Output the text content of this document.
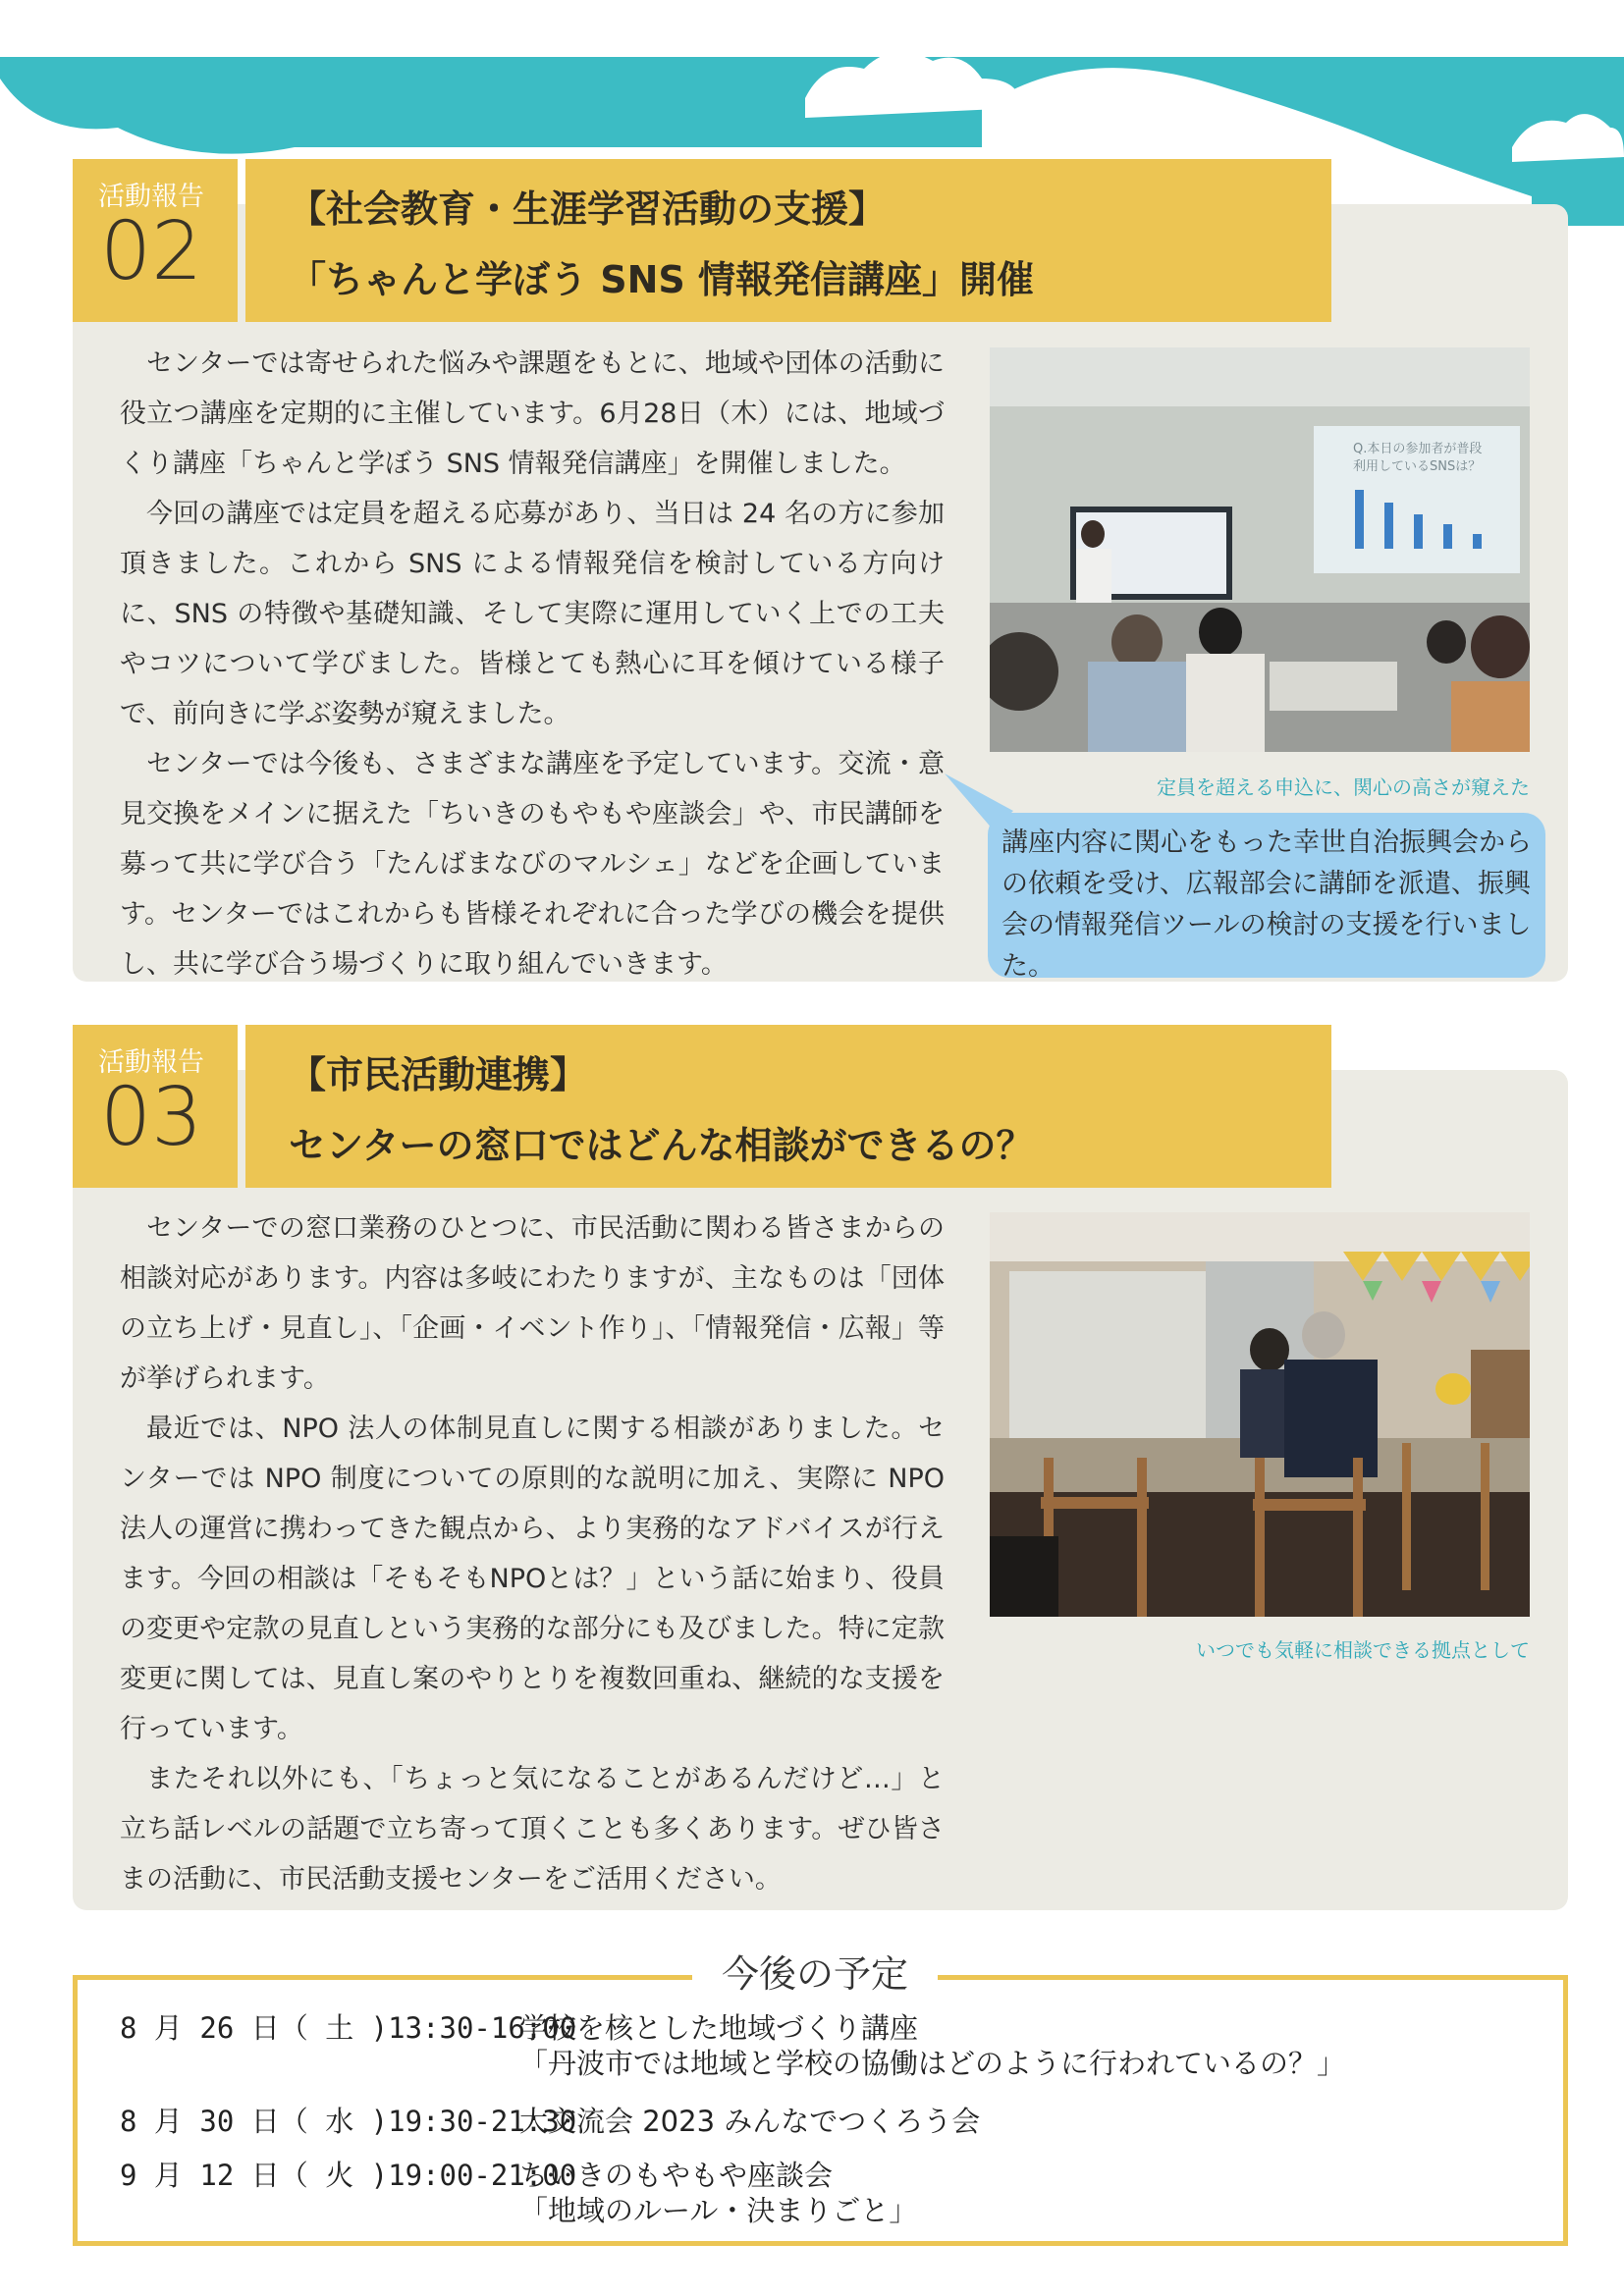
活動報告
02 【社会教育・生涯学習活動の支援】
「ちゃんと学ぼう SNS 情報発信講座」開催

センターでは寄せられた悩みや課題をもとに、地域や団体の活動に役立つ講座を定期的に主催しています。6月28日（木）には、地域づくり講座「ちゃんと学ぼう SNS 情報発信講座」を開催しました。

今回の講座では定員を超える応募があり、当日は 24 名の方に参加頂きました。これから SNS による情報発信を検討している方向けに、SNS の特徴や基礎知識、そして実際に運用していく上での工夫やコツについて学びました。皆様とても熱心に耳を傾けている様子で、前向きに学ぶ姿勢が窺えました。

センターでは今後も、さまざまな講座を予定しています。交流・意見交換をメインに据えた「ちいきのもやもや座談会」や、市民講師を募って共に学び合う「たんばまなびのマルシェ」などを企画しています。センターではこれからも皆様それぞれに合った学びの機会を提供し、共に学び合う場づくりに取り組んでいきます。

Q.本日の参加者が普段
利用しているSNSは？
定員を超える申込に、関心の高さが窺えた
講座内容に関心をもった幸世自治振興会からの依頼を受け、広報部会に講師を派遣、振興会の情報発信ツールの検討の支援を行いました。
活動報告
03 【市民活動連携】
センターの窓口ではどんな相談ができるの？

センターでの窓口業務のひとつに、市民活動に関わる皆さまからの相談対応があります。内容は多岐にわたりますが、主なものは「団体の立ち上げ・見直し」、「企画・イベント作り」、「情報発信・広報」等が挙げられます。

最近では、NPO 法人の体制見直しに関する相談がありました。センターでは NPO 制度についての原則的な説明に加え、実際に NPO 法人の運営に携わってきた観点から、より実務的なアドバイスが行えます。今回の相談は「そもそもNPOとは？」という話に始まり、役員の変更や定款の見直しという実務的な部分にも及びました。特に定款変更に関しては、見直し案のやりとりを複数回重ね、継続的な支援を行っています。

またそれ以外にも、「ちょっと気になることがあるんだけど…」と立ち話レベルの話題で立ち寄って頂くことも多くあります。ぜひ皆さまの活動に、市民活動支援センターをご活用ください。

いつでも気軽に相談できる拠点として
今後の予定
8 月 26 日（ 土 )13:30-16:00
学校を核とした地域づくり講座
「丹波市では地域と学校の協働はどのように行われているの？」
8 月 30 日（ 水 )19:30-21:30
大交流会 2023 みんなでつくろう会
9 月 12 日（ 火 )19:00-21:00
ちいきのもやもや座談会
「地域のルール・決まりごと」
